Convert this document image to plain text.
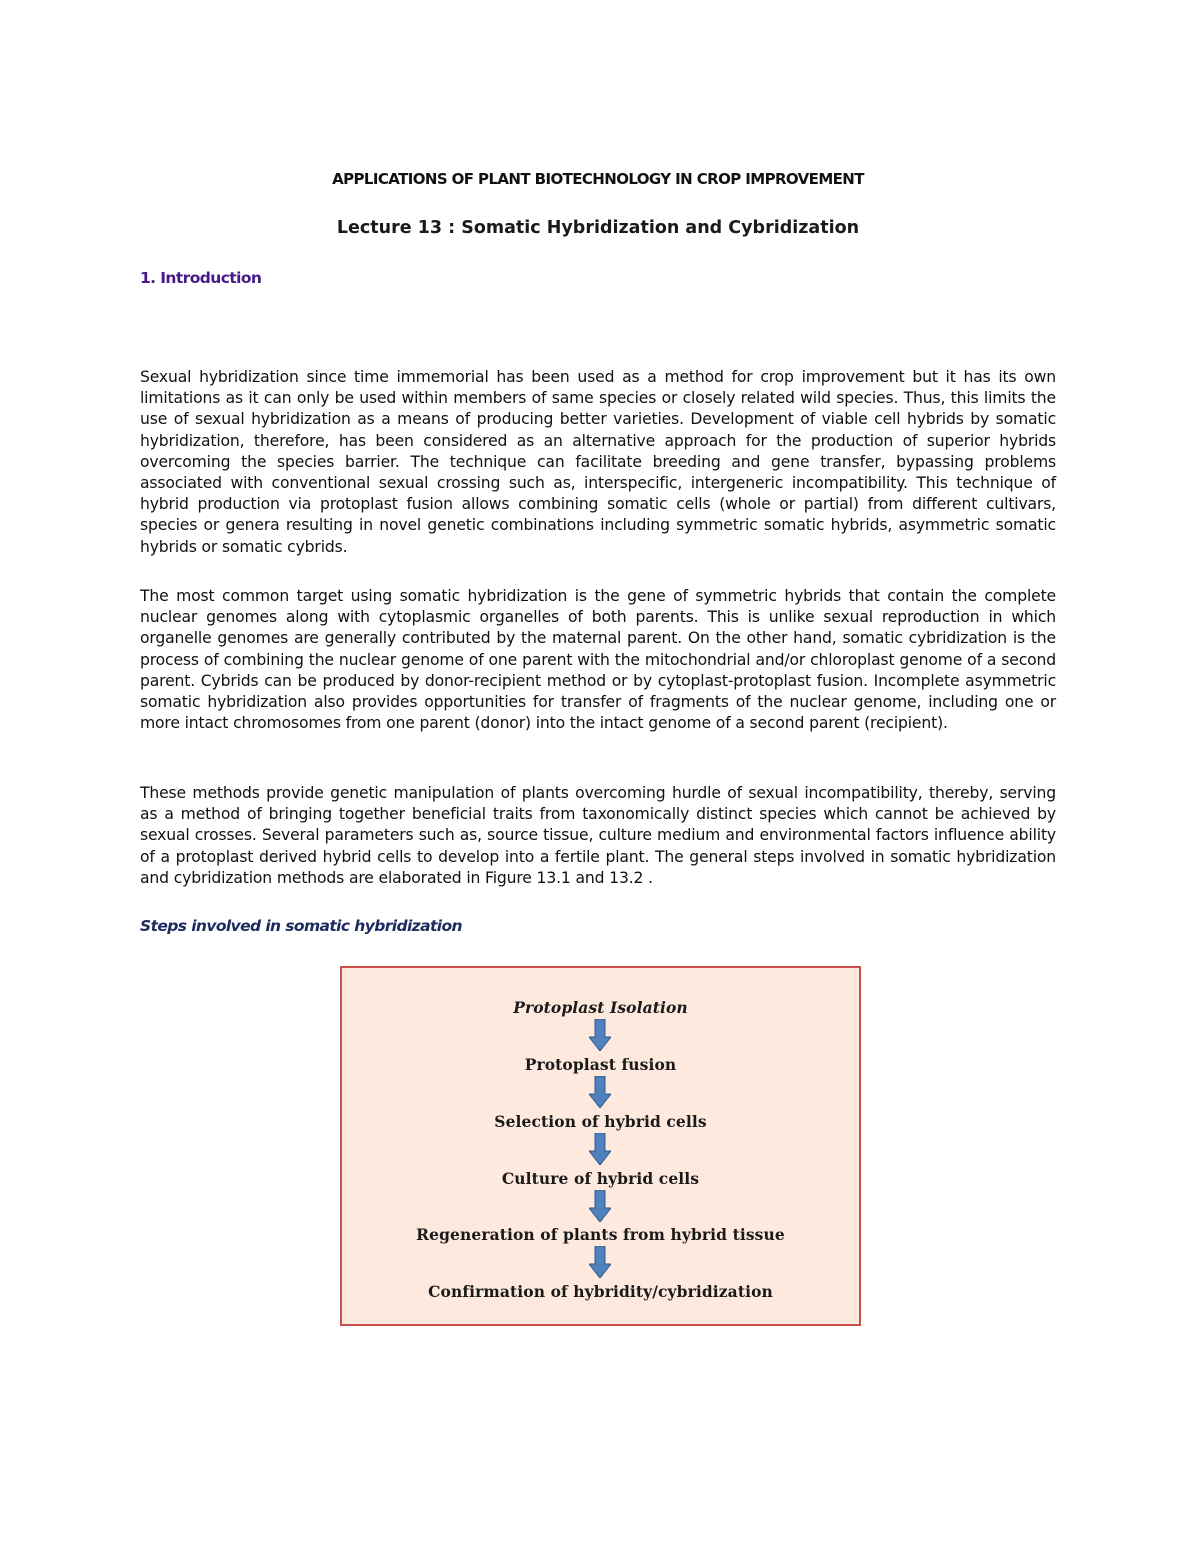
APPLICATIONS OF PLANT BIOTECHNOLOGY IN CROP IMPROVEMENT
Lecture 13 : Somatic Hybridization and Cybridization
1. Introduction

Sexual hybridization since time immemorial has been used as a method for crop improvement but it has its own limitations as it can only be used within members of same species or closely related wild species. Thus, this limits the use of sexual hybridization as a means of producing better varieties. Development of viable cell hybrids by somatic hybridization, therefore, has been considered as an alternative approach for the production of superior hybrids overcoming the species barrier. The technique can facilitate breeding and gene transfer, bypassing problems associated with conventional sexual crossing such as, interspecific, intergeneric incompatibility. This technique of hybrid production via protoplast fusion allows combining somatic cells (whole or partial) from different cultivars, species or genera resulting in novel genetic combinations including symmetric somatic hybrids, asymmetric somatic hybrids or somatic cybrids.

The most common target using somatic hybridization is the gene of symmetric hybrids that contain the complete nuclear genomes along with cytoplasmic organelles of both parents. This is unlike sexual reproduction in which organelle genomes are generally contributed by the maternal parent. On the other hand, somatic cybridization is the process of combining the nuclear genome of one parent with the mitochondrial and/or chloroplast genome of a second parent. Cybrids can be produced by donor-recipient method or by cytoplast-protoplast fusion. Incomplete asymmetric somatic hybridization also provides opportunities for transfer of fragments of the nuclear genome, including one or more intact chromosomes from one parent (donor) into the intact genome of a second parent (recipient).

These methods provide genetic manipulation of plants overcoming hurdle of sexual incompatibility, thereby, serving as a method of bringing together beneficial traits from taxonomically distinct species which cannot be achieved by sexual crosses. Several parameters such as, source tissue, culture medium and environmental factors influence ability of a protoplast derived hybrid cells to develop into a fertile plant. The general steps involved in somatic hybridization and cybridization methods are elaborated in Figure 13.1 and 13.2 .

Steps involved in somatic hybridization
Protoplast Isolation
Protoplast fusion
Selection of hybrid cells
Culture of hybrid cells
Regeneration of plants from hybrid tissue
Confirmation of hybridity/cybridization
